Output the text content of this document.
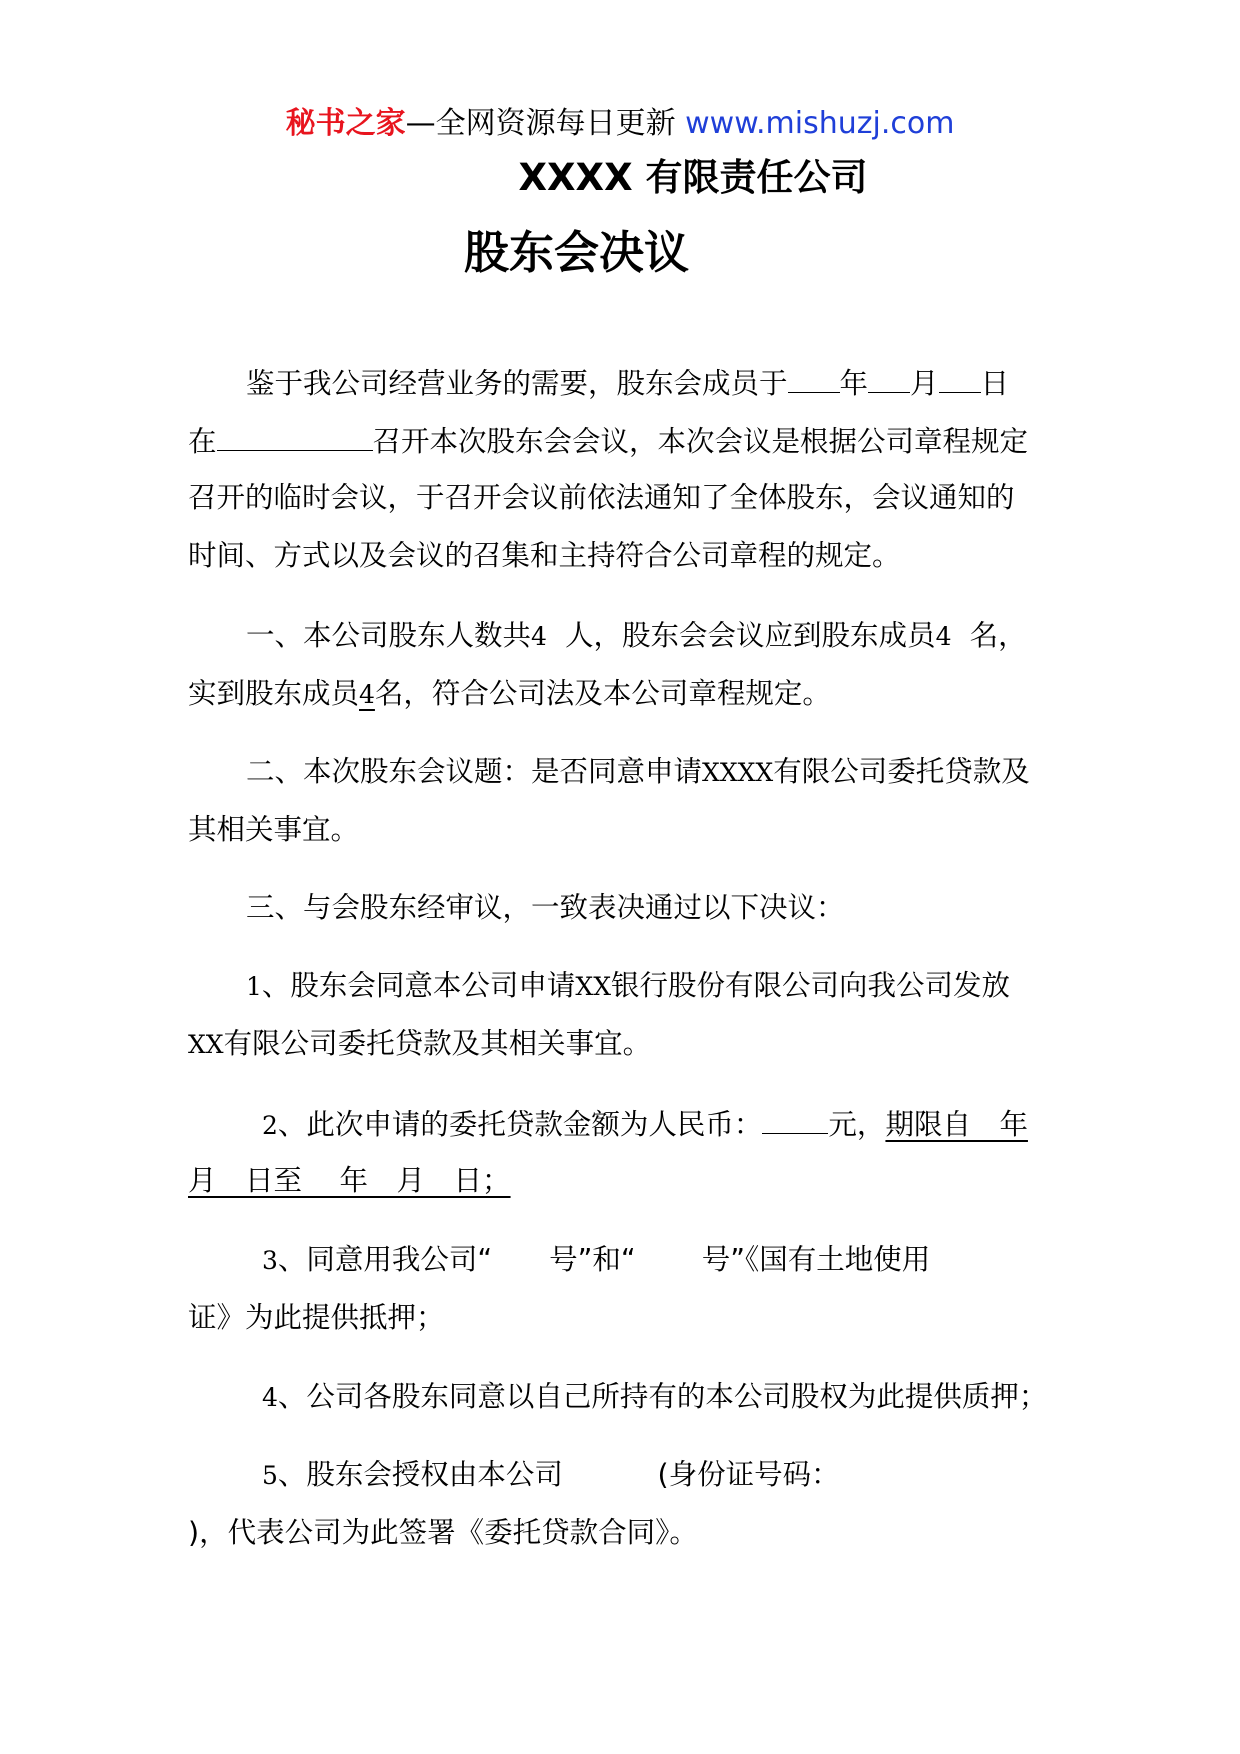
秘书之家—全网资源每日更新 www.mishuzj.com
XXXX 有限责任公司
股东会决议
鉴于我公司经营业务的需要，股东会成员于 年 月 日
在	召开本次股东会会议，本次会议是根据公司章程规定
召开的临时会议，于召开会议前依法通知了全体股东，会议通知的
时间、方式以及会议的召集和主持符合公司章程的规定。
一、本公司股东人数共4 人，股东会会议应到股东成员4 名，
实到股东成员4名，符合公司法及本公司章程规定。
二、本次股东会议题：是否同意申请XXXX有限公司委托贷款及
其相关事宜。
三、与会股东经审议，一致表决通过以下决议：
1、股东会同意本公司申请XX银行股份有限公司向我公司发放
XX有限公司委托贷款及其相关事宜。
2、此次申请的委托贷款金额为人民币： 元，期限自　年
月　日至　 年　月　日；
3、同意用我公司“　　号”和“　　 号”《国有土地使用
证》为此提供抵押；
4、公司各股东同意以自己所持有的本公司股权为此提供质押；
5、股东会授权由本公司　　　 (身份证号码：
)，代表公司为此签署《委托贷款合同》。
